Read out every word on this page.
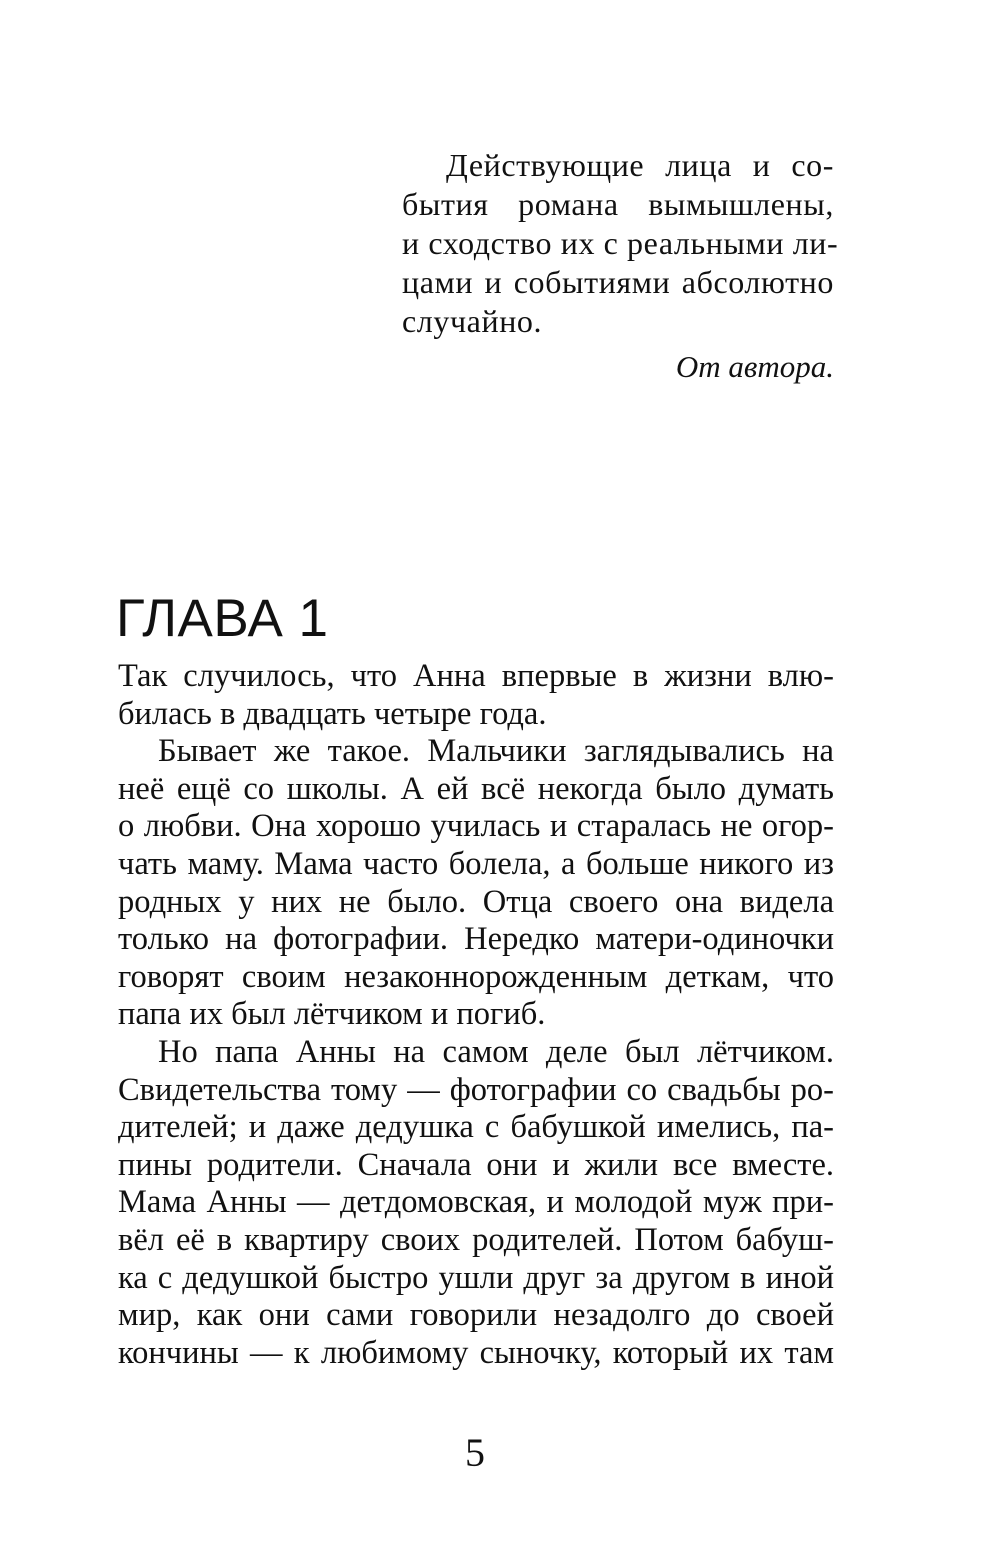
Действующие лица и со-
бытия романа вымышлены,
и сходство их с реальными ли-
цами и событиями абсолютно
случайно.
От автора.
ГЛАВА 1
Так случилось, что Анна впервые в жизни влю-
билась в двадцать четыре года.
Бывает же такое. Мальчики заглядывались на
неё ещё со школы. А ей всё некогда было думать
о любви. Она хорошо училась и старалась не огор-
чать маму. Мама часто болела, а больше никого из
родных у них не было. Отца своего она видела
только на фотографии. Нередко матери-одиночки
говорят своим незаконнорожденным деткам, что
папа их был лётчиком и погиб.
Но папа Анны на самом деле был лётчиком.
Свидетельства тому — фотографии со свадьбы ро-
дителей; и даже дедушка с бабушкой имелись, па-
пины родители. Сначала они и жили все вместе.
Мама Анны — детдомовская, и молодой муж при-
вёл её в квартиру своих родителей. Потом бабуш-
ка с дедушкой быстро ушли друг за другом в иной
мир, как они сами говорили незадолго до своей
кончины — к любимому сыночку, который их там
5
